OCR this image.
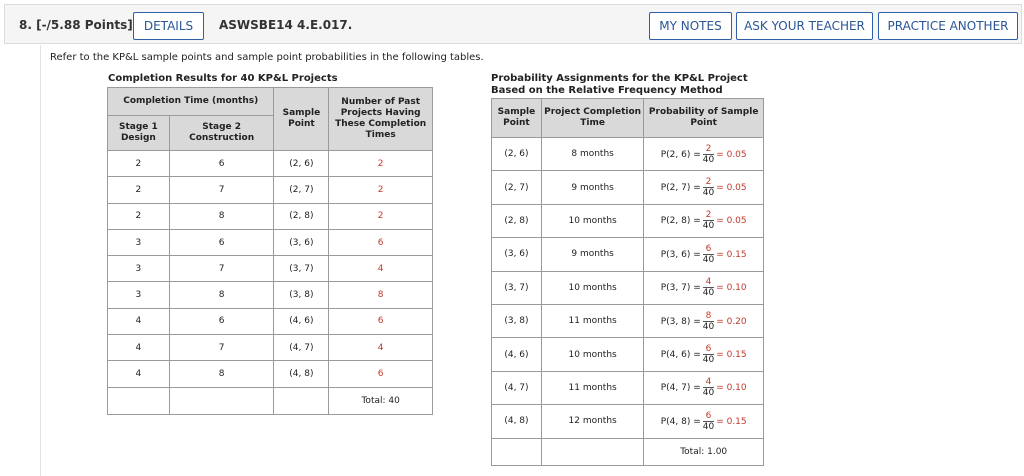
8. [-/5.88 Points] DETAILS	ASWSBE14 4.E.017.	MY NOTES	ASK YOUR TEACHER	PRACTICE ANOTHER
Refer to the KP&L sample points and sample point probabilities in the following tables.
Completion Results for 40 KP&L Projects
Completion Time (months)		Sample Point	Number of Past Projects Having These Completion Times
Stage 1 Design	Stage 2 Construction		
2	6	(2, 6)	2
2	7	(2, 7)	2
2	8	(2, 8)	2
3	6	(3, 6)	6
3	7	(3, 7)	4
3	8	(3, 8)	8
4	6	(4, 6)	6
4	7	(4, 7)	4
4	8	(4, 8)	6
			Total: 40
Probability Assignments for the KP&L Project
Based on the Relative Frequency Method
Sample Point	Project Completion Time	Probability of Sample Point
(2, 6)	8 months	P(2, $6) = \frac{2}{40} = 0.05$
(2, 7)	9 months	P(2, $7) = \frac{2}{40} = 0.05$
(2, 8)	10 months	P(2, $8) = \frac{2}{40} = 0.05$
(3, 6)	9 months	P(3, $6) = \frac{6}{40} = 0.15$
(3, 7)	10 months	P(3, $7) = \frac{4}{40} = 0.10$
(3, 8)	11 months	P(3, $8) = \frac{8}{40} = 0.20$
(4, 6)	10 months	P(4, $6) = \frac{6}{40} = 0.15$
(4, 7)	11 months	P(4, $7) = \frac{4}{40} = 0.10$
(4, 8)	12 months	P(4, $8) = \frac{6}{40} = 0.15$
		Total: 1.00
